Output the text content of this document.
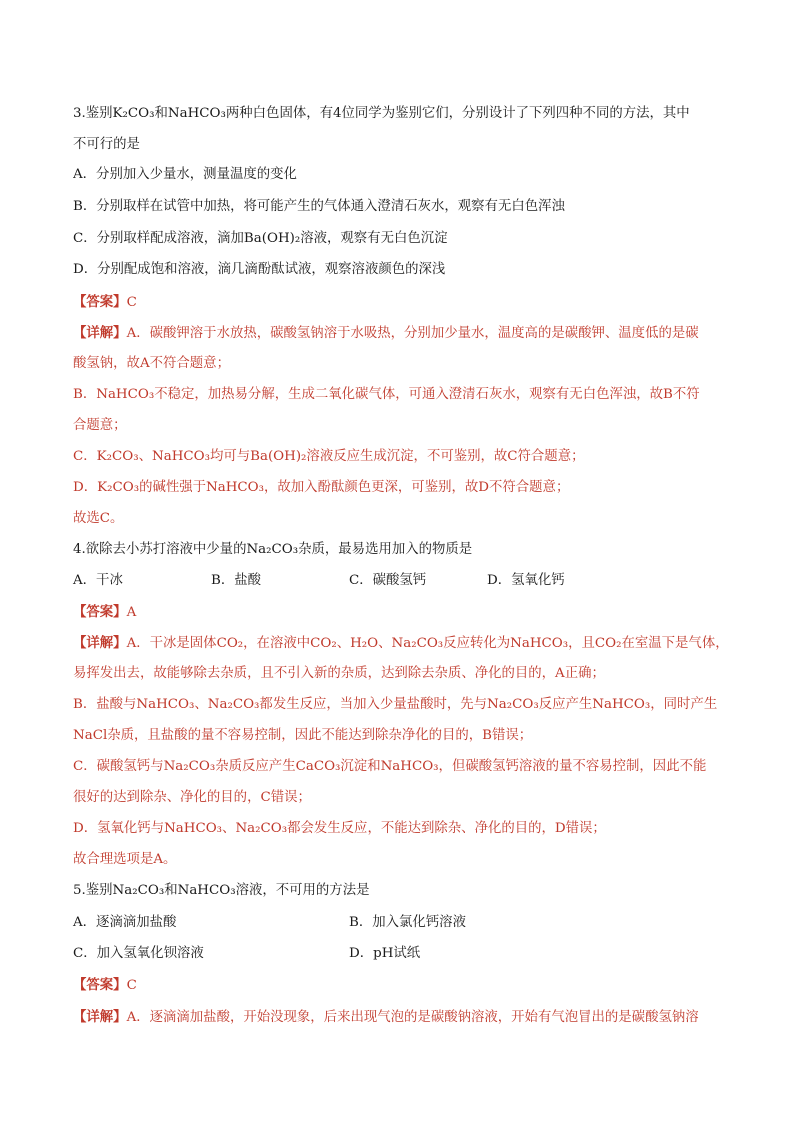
3.鉴别K₂CO₃和NaHCO₃两种白色固体，有4位同学为鉴别它们，分别设计了下列四种不同的方法，其中
不可行的是
A．分别加入少量水，测量温度的变化
B．分别取样在试管中加热，将可能产生的气体通入澄清石灰水，观察有无白色浑浊
C．分别取样配成溶液，滴加Ba(OH)₂溶液，观察有无白色沉淀
D．分别配成饱和溶液，滴几滴酚酞试液，观察溶液颜色的深浅
【答案】C
【详解】A．碳酸钾溶于水放热，碳酸氢钠溶于水吸热，分别加少量水，温度高的是碳酸钾、温度低的是碳
酸氢钠，故A不符合题意；
B．NaHCO₃不稳定，加热易分解，生成二氧化碳气体，可通入澄清石灰水，观察有无白色浑浊，故B不符
合题意；
C．K₂CO₃、NaHCO₃均可与Ba(OH)₂溶液反应生成沉淀，不可鉴别，故C符合题意；
D．K₂CO₃的碱性强于NaHCO₃，故加入酚酞颜色更深，可鉴别，故D不符合题意；
故选C。
4.欲除去小苏打溶液中少量的Na₂CO₃杂质，最易选用加入的物质是
A．干冰	B．盐酸	C．碳酸氢钙	D．氢氧化钙
【答案】A
【详解】A．干冰是固体CO₂，在溶液中CO₂、H₂O、Na₂CO₃反应转化为NaHCO₃，且CO₂在室温下是气体，
易挥发出去，故能够除去杂质，且不引入新的杂质，达到除去杂质、净化的目的，A正确；
B．盐酸与NaHCO₃、Na₂CO₃都发生反应，当加入少量盐酸时，先与Na₂CO₃反应产生NaHCO₃，同时产生
NaCl杂质，且盐酸的量不容易控制，因此不能达到除杂净化的目的，B错误；
C．碳酸氢钙与Na₂CO₃杂质反应产生CaCO₃沉淀和NaHCO₃，但碳酸氢钙溶液的量不容易控制，因此不能
很好的达到除杂、净化的目的，C错误；
D．氢氧化钙与NaHCO₃、Na₂CO₃都会发生反应，不能达到除杂、净化的目的，D错误；
故合理选项是A。
5.鉴别Na₂CO₃和NaHCO₃溶液，不可用的方法是
A．逐滴滴加盐酸	B．加入氯化钙溶液
C．加入氢氧化钡溶液	D．pH试纸
【答案】C
【详解】A．逐滴滴加盐酸，开始没现象，后来出现气泡的是碳酸钠溶液，开始有气泡冒出的是碳酸氢钠溶
